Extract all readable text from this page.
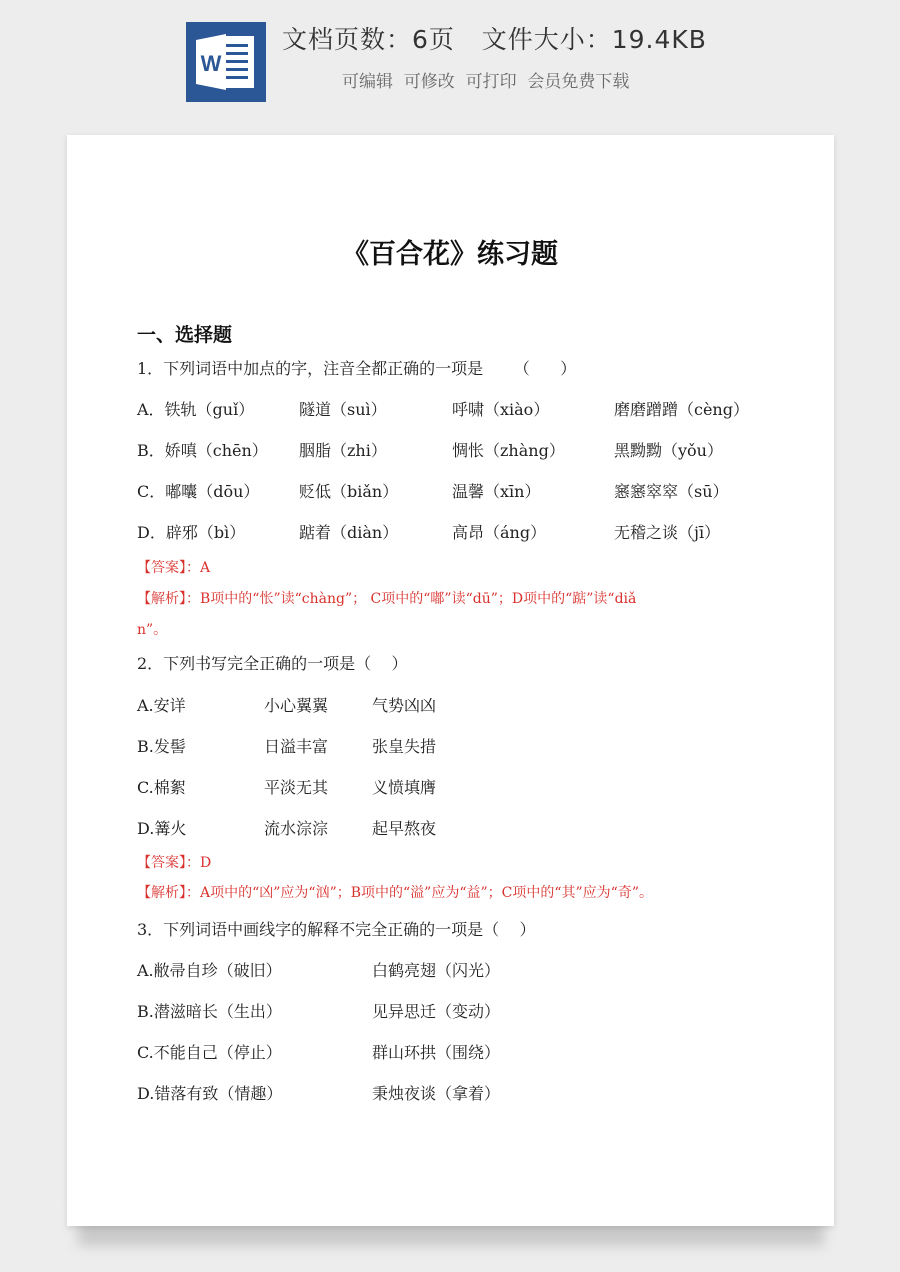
W
文档页数：6页   文件大小：19.4KB
可编辑  可修改  可打印  会员免费下载
《百合花》练习题
一、选择题
1．下列词语中加点的字，注音全都正确的一项是      （      ）
A．铁轨（guǐ）	隧道（suì）	呼啸（xiào）	磨磨蹭蹭（cèng）
B．娇嗔（chēn） 胭脂（zhi）	惆怅（zhàng）	黑黝黝（yǒu）
C．嘟囔（dōu） 贬低（biǎn）	温馨（xīn）	窸窸窣窣（sū）
D．辟邪（bì）	踮着（diàn）	高昂（áng）	无稽之谈（jī）
【答案】：A
【解析】：B项中的“怅”读“chàng”； C项中的“嘟”读“dū”；D项中的“踮”读“diǎ
n”。
2．下列书写完全正确的一项是（    ）
A.安详	小心翼翼	气势凶凶
B.发髻	日溢丰富	张皇失措
C.棉絮	平淡无其	义愤填膺
D.篝火	流水淙淙	起早熬夜
【答案】：D
【解析】：A项中的“凶”应为“汹”；B项中的“溢”应为“益”；C项中的“其”应为“奇”。
3．下列词语中画线字的解释不完全正确的一项是（    ）
A.敝帚自珍（破旧）	白鹤亮翅（闪光）
B.潜滋暗长（生出）	见异思迁（变动）
C.不能自己（停止）	群山环拱（围绕）
D.错落有致（情趣）	秉烛夜谈（拿着）
